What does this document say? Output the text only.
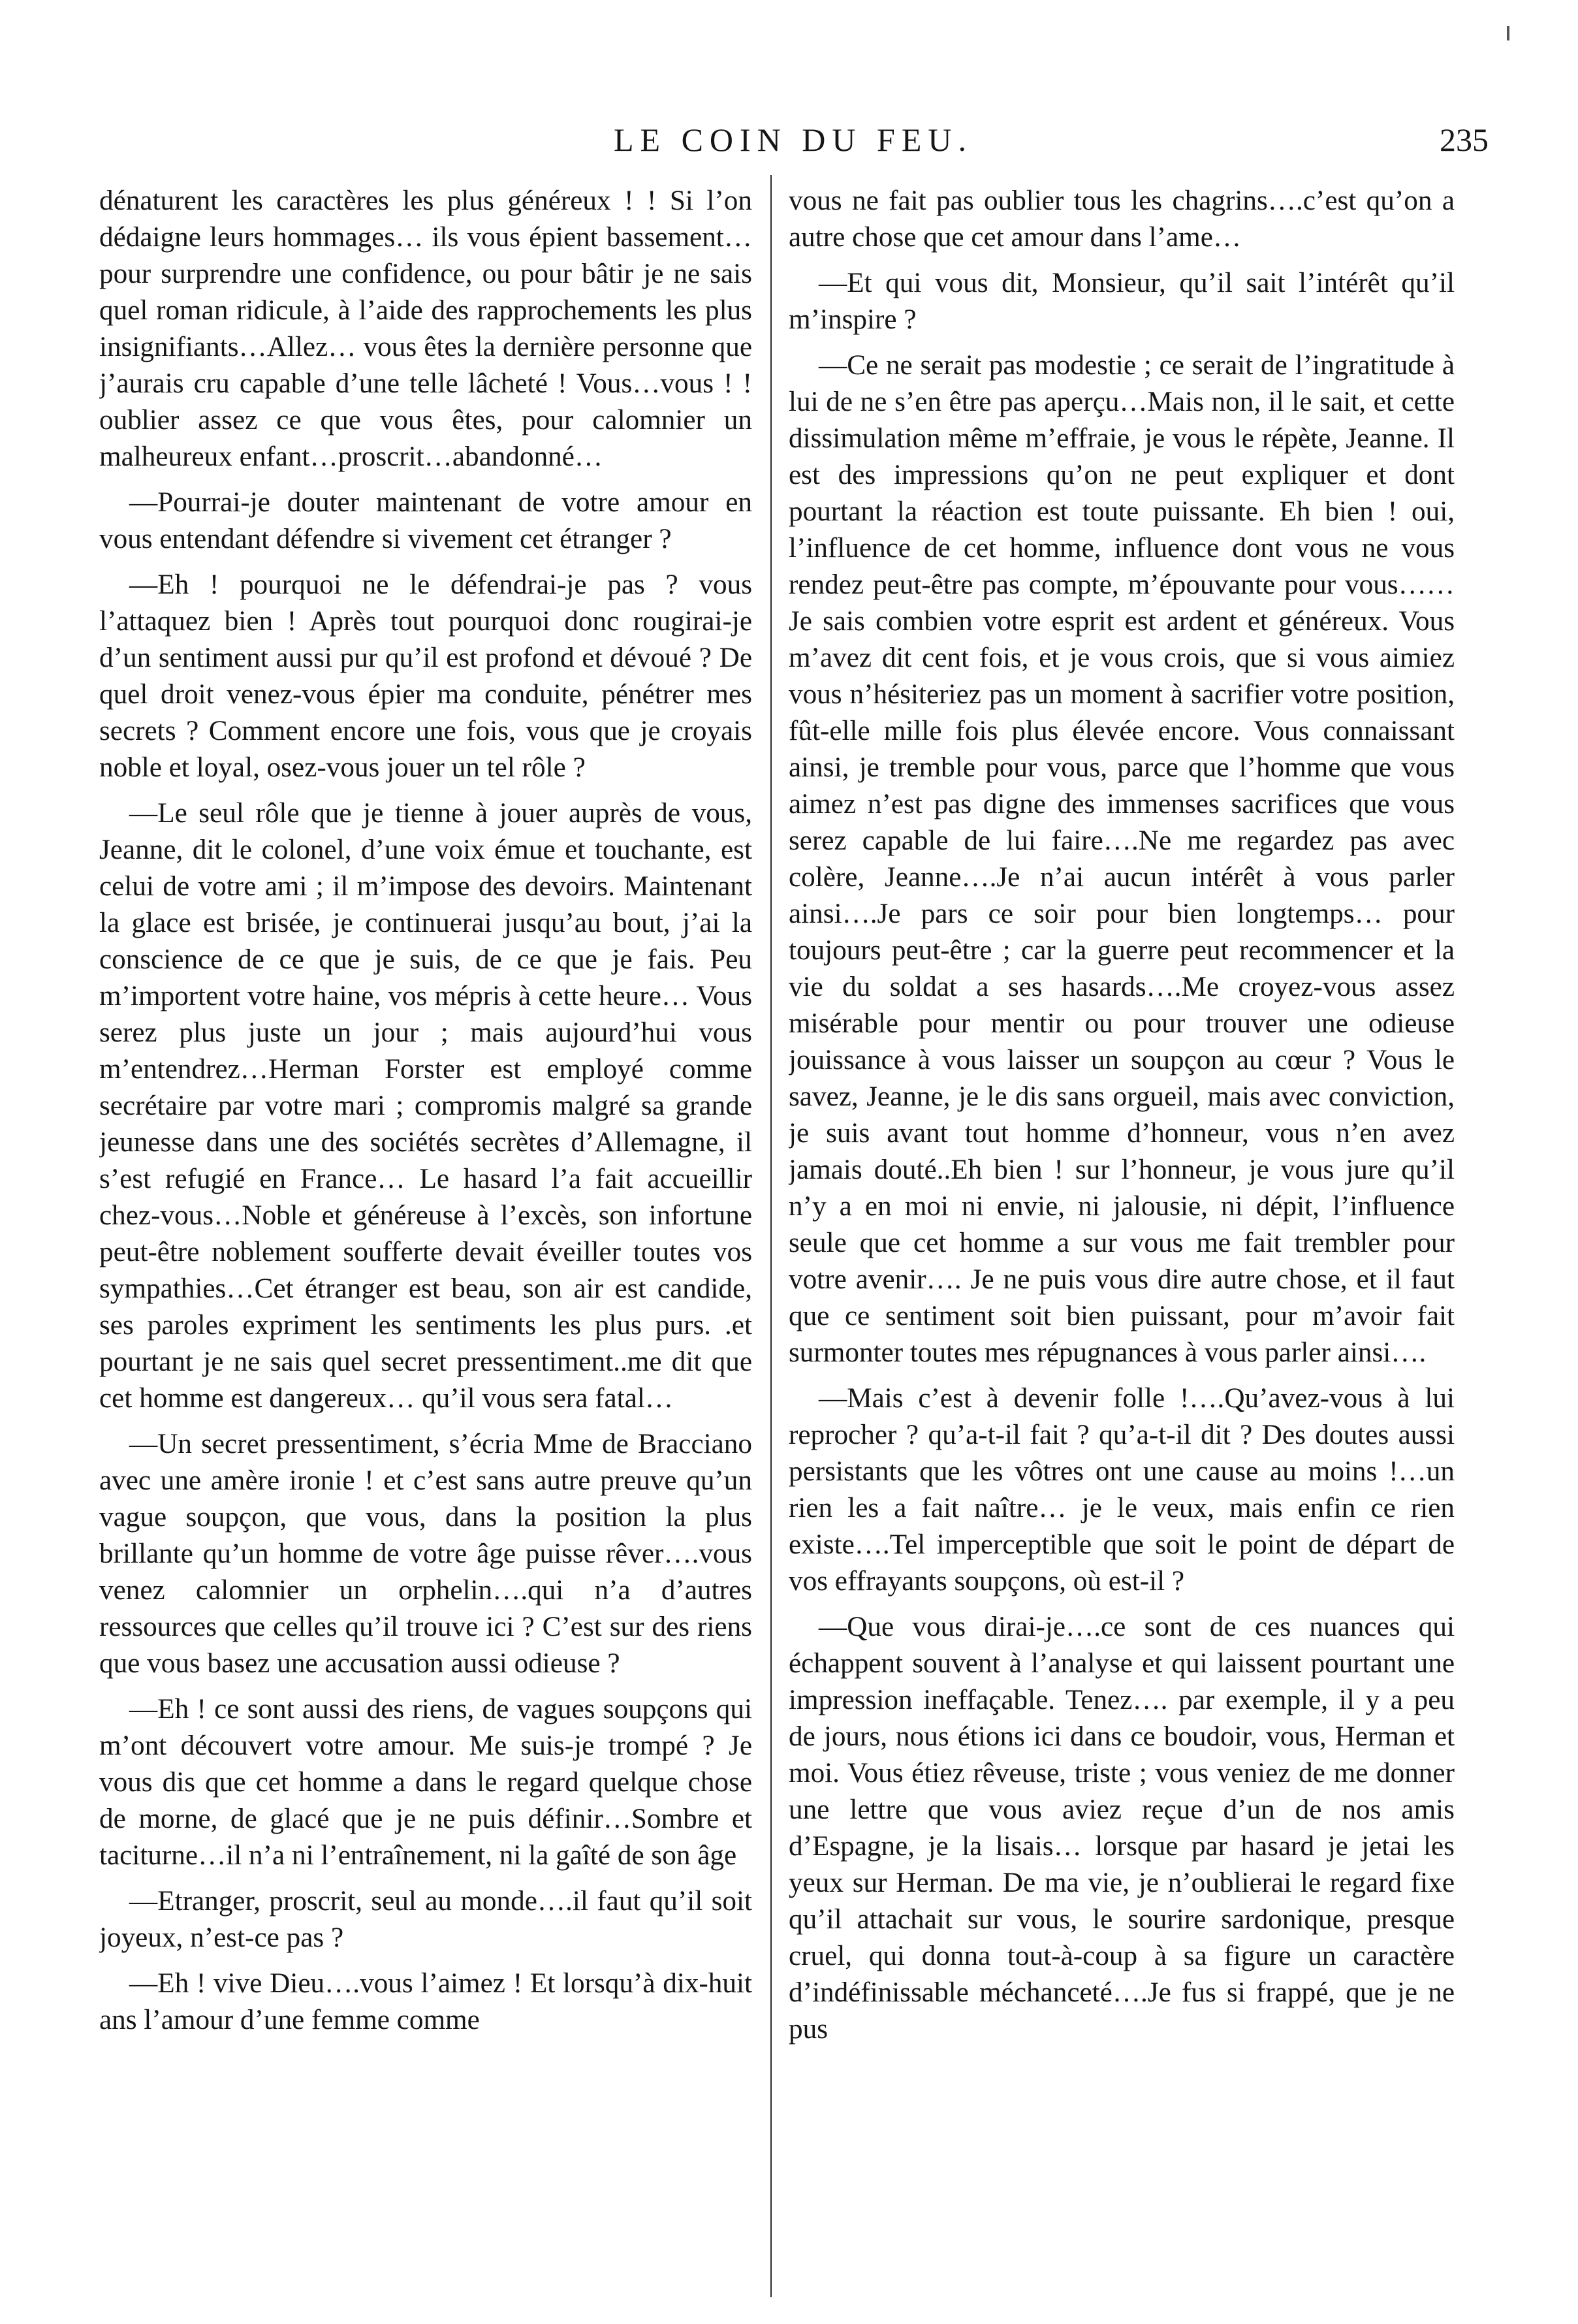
LE COIN DU FEU.	235

dénaturent les caractères les plus généreux ! ! Si l’on dédaigne leurs hommages… ils vous épient bassement…pour surprendre une confidence, ou pour bâtir je ne sais quel roman ridicule, à l’aide des rapprochements les plus insignifiants…Allez… vous êtes la dernière personne que j’aurais cru capable d’une telle lâcheté ! Vous…vous ! ! oublier assez ce que vous êtes, pour calomnier un malheureux enfant…proscrit…abandonné…

—Pourrai-je douter maintenant de votre amour en vous entendant défendre si vivement cet étranger ?

—Eh ! pourquoi ne le défendrai-je pas ? vous l’attaquez bien ! Après tout pourquoi donc rougirai-je d’un sentiment aussi pur qu’il est profond et dévoué ? De quel droit venez-vous épier ma conduite, pénétrer mes secrets ? Comment encore une fois, vous que je croyais noble et loyal, osez-vous jouer un tel rôle ?

—Le seul rôle que je tienne à jouer auprès de vous, Jeanne, dit le colonel, d’une voix émue et touchante, est celui de votre ami ; il m’impose des devoirs. Maintenant la glace est brisée, je continuerai jusqu’au bout, j’ai la conscience de ce que je suis, de ce que je fais. Peu m’importent votre haine, vos mépris à cette heure… Vous serez plus juste un jour ; mais aujourd’hui vous m’entendrez…Herman Forster est employé comme secrétaire par votre mari ; compromis malgré sa grande jeunesse dans une des sociétés secrètes d’Allemagne, il s’est refugié en France… Le hasard l’a fait accueillir chez-vous…Noble et généreuse à l’excès, son infortune peut-être noblement soufferte devait éveiller toutes vos sympathies…Cet étranger est beau, son air est candide, ses paroles expriment les sentiments les plus purs. .et pourtant je ne sais quel secret pressentiment..me dit que cet homme est dangereux… qu’il vous sera fatal…

—Un secret pressentiment, s’écria Mme de Bracciano avec une amère ironie ! et c’est sans autre preuve qu’un vague soupçon, que vous, dans la position la plus brillante qu’un homme de votre âge puisse rêver….vous venez calomnier un orphelin….qui n’a d’autres ressources que celles qu’il trouve ici ? C’est sur des riens que vous basez une accusation aussi odieuse ?

—Eh ! ce sont aussi des riens, de vagues soupçons qui m’ont découvert votre amour. Me suis-je trompé ? Je vous dis que cet homme a dans le regard quelque chose de morne, de glacé que je ne puis définir…Sombre et taciturne…il n’a ni l’entraînement, ni la gaîté de son âge

—Etranger, proscrit, seul au monde….il faut qu’il soit joyeux, n’est-ce pas ?

—Eh ! vive Dieu….vous l’aimez ! Et lorsqu’à dix-huit ans l’amour d’une femme comme

vous ne fait pas oublier tous les chagrins….c’est qu’on a autre chose que cet amour dans l’ame…

—Et qui vous dit, Monsieur, qu’il sait l’intérêt qu’il m’inspire ?

—Ce ne serait pas modestie ; ce serait de l’ingratitude à lui de ne s’en être pas aperçu…Mais non, il le sait, et cette dissimulation même m’effraie, je vous le répète, Jeanne. Il est des impressions qu’on ne peut expliquer et dont pourtant la réaction est toute puissante. Eh bien ! oui, l’influence de cet homme, influence dont vous ne vous rendez peut-être pas compte, m’épouvante pour vous……Je sais combien votre esprit est ardent et généreux. Vous m’avez dit cent fois, et je vous crois, que si vous aimiez vous n’hésiteriez pas un moment à sacrifier votre position, fût-elle mille fois plus élevée encore. Vous connaissant ainsi, je tremble pour vous, parce que l’homme que vous aimez n’est pas digne des immenses sacrifices que vous serez capable de lui faire….Ne me regardez pas avec colère, Jeanne….Je n’ai aucun intérêt à vous parler ainsi….Je pars ce soir pour bien longtemps… pour toujours peut-être ; car la guerre peut recommencer et la vie du soldat a ses hasards….Me croyez-vous assez misérable pour mentir ou pour trouver une odieuse jouissance à vous laisser un soupçon au cœur ? Vous le savez, Jeanne, je le dis sans orgueil, mais avec conviction, je suis avant tout homme d’honneur, vous n’en avez jamais douté..Eh bien ! sur l’honneur, je vous jure qu’il n’y a en moi ni envie, ni jalousie, ni dépit, l’influence seule que cet homme a sur vous me fait trembler pour votre avenir…. Je ne puis vous dire autre chose, et il faut que ce sentiment soit bien puissant, pour m’avoir fait surmonter toutes mes répugnances à vous parler ainsi….

—Mais c’est à devenir folle !….Qu’avez-vous à lui reprocher ? qu’a-t-il fait ? qu’a-t-il dit ? Des doutes aussi persistants que les vôtres ont une cause au moins !…un rien les a fait naître… je le veux, mais enfin ce rien existe….Tel imperceptible que soit le point de départ de vos effrayants soupçons, où est-il ?

—Que vous dirai-je….ce sont de ces nuances qui échappent souvent à l’analyse et qui laissent pourtant une impression ineffaçable. Tenez…. par exemple, il y a peu de jours, nous étions ici dans ce boudoir, vous, Herman et moi. Vous étiez rêveuse, triste ; vous veniez de me donner une lettre que vous aviez reçue d’un de nos amis d’Espagne, je la lisais… lorsque par hasard je jetai les yeux sur Herman. De ma vie, je n’oublierai le regard fixe qu’il attachait sur vous, le sourire sardonique, presque cruel, qui donna tout-à-coup à sa figure un caractère d’indéfinissable méchanceté….Je fus si frappé, que je ne pus
